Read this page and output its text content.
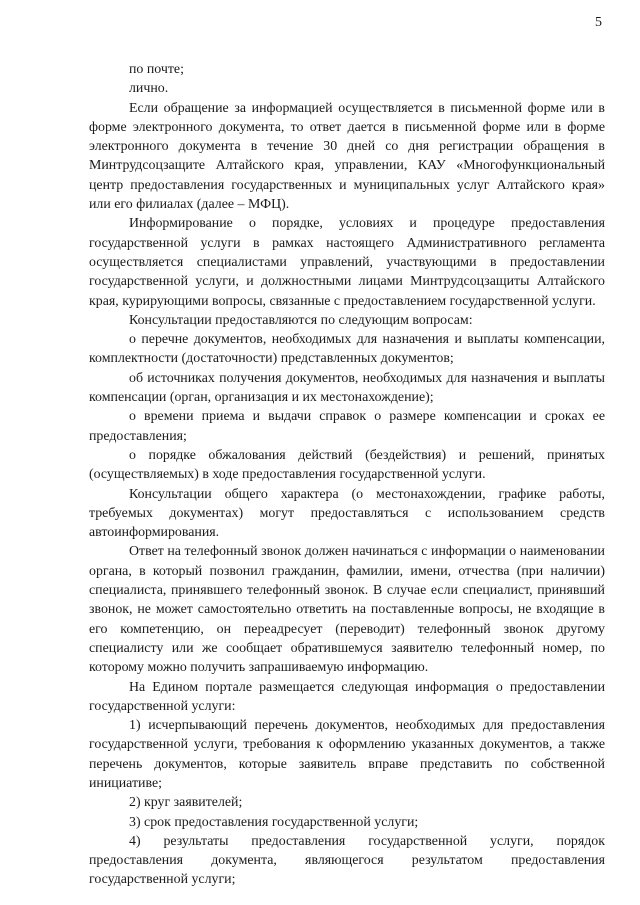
5

по почте;

лично.

Если обращение за информацией осуществляется в письменной форме или в форме электронного документа, то ответ дается в письменной форме или в форме электронного документа в течение 30 дней со дня регистрации обращения в Минтрудсоцзащите Алтайского края, управлении, КАУ «Многофункциональный центр предоставления государственных и муниципальных услуг Алтайского края» или его филиалах (далее – МФЦ).

Информирование о порядке, условиях и процедуре предоставления государственной услуги в рамках настоящего Административного регламента осуществляется специалистами управлений, участвующими в предоставлении государственной услуги, и должностными лицами Минтрудсоцзащиты Алтайского края, курирующими вопросы, связанные с предоставлением государственной услуги.

Консультации предоставляются по следующим вопросам:

о перечне документов, необходимых для назначения и выплаты компенсации, комплектности (достаточности) представленных документов;

об источниках получения документов, необходимых для назначения и выплаты компенсации (орган, организация и их местонахождение);

о времени приема и выдачи справок о размере компенсации и сроках ее предоставления;

о порядке обжалования действий (бездействия) и решений, принятых (осуществляемых) в ходе предоставления государственной услуги.

Консультации общего характера (о местонахождении, графике работы, требуемых документах) могут предоставляться с использованием средств автоинформирования.

Ответ на телефонный звонок должен начинаться с информации о наименовании органа, в который позвонил гражданин, фамилии, имени, отчества (при наличии) специалиста, принявшего телефонный звонок. В случае если специалист, принявший звонок, не может самостоятельно ответить на поставленные вопросы, не входящие в его компетенцию, он переадресует (переводит) телефонный звонок другому специалисту или же сообщает обратившемуся заявителю телефонный номер, по которому можно получить запрашиваемую информацию.

На Едином портале размещается следующая информация о предоставлении государственной услуги:

1) исчерпывающий перечень документов, необходимых для предоставления государственной услуги, требования к оформлению указанных документов, а также перечень документов, которые заявитель вправе представить по собственной инициативе;

2) круг заявителей;

3) срок предоставления государственной услуги;

4) результаты предоставления государственной услуги, порядок предоставления документа, являющегося результатом предоставления государственной услуги;
